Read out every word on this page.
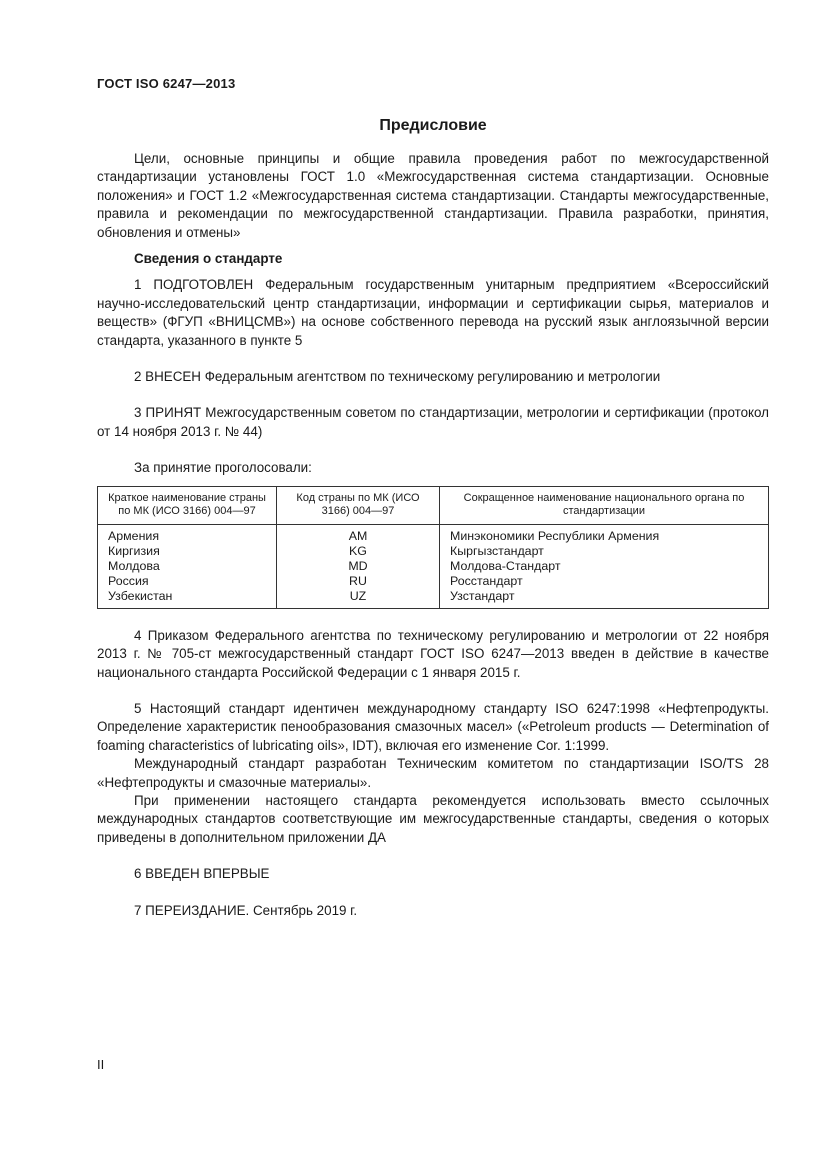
ГОСТ ISO 6247—2013
Предисловие

Цели, основные принципы и общие правила проведения работ по межгосударственной стандартизации установлены ГОСТ 1.0 «Межгосударственная система стандартизации. Основные положения» и ГОСТ 1.2 «Межгосударственная система стандартизации. Стандарты межгосударственные, правила и рекомендации по межгосударственной стандартизации. Правила разработки, принятия, обновления и отмены»

Сведения о стандарте

1 ПОДГОТОВЛЕН Федеральным государственным унитарным предприятием «Всероссийский научно-исследовательский центр стандартизации, информации и сертификации сырья, материалов и веществ» (ФГУП «ВНИЦСМВ») на основе собственного перевода на русский язык англоязычной версии стандарта, указанного в пункте 5

2 ВНЕСЕН Федеральным агентством по техническому регулированию и метрологии

3 ПРИНЯТ Межгосударственным советом по стандартизации, метрологии и сертификации (протокол от 14 ноября 2013 г. № 44)

За принятие проголосовали:

Краткое наименование страны по МК (ИСО 3166) 004—97	Код страны по МК (ИСО 3166) 004—97	Сокращенное наименование национального органа по стандартизации
Армения	AM	Минэкономики Республики Армения
Киргизия	KG	Кыргызстандарт
Молдова	MD	Молдова-Стандарт
Россия	RU	Росстандарт
Узбекистан	UZ	Узстандарт

4 Приказом Федерального агентства по техническому регулированию и метрологии от 22 ноября 2013 г. № 705-ст межгосударственный стандарт ГОСТ ISO 6247—2013 введен в действие в качестве национального стандарта Российской Федерации с 1 января 2015 г.

5 Настоящий стандарт идентичен международному стандарту ISO 6247:1998 «Нефтепродукты. Определение характеристик пенообразования смазочных масел» («Petroleum products — Determination of foaming characteristics of lubricating oils», IDT), включая его изменение Cor. 1:1999.

Международный стандарт разработан Техническим комитетом по стандартизации ISO/TS 28 «Нефтепродукты и смазочные материалы».

При применении настоящего стандарта рекомендуется использовать вместо ссылочных международных стандартов соответствующие им межгосударственные стандарты, сведения о которых приведены в дополнительном приложении ДА

6 ВВЕДЕН ВПЕРВЫЕ

7 ПЕРЕИЗДАНИЕ. Сентябрь 2019 г.

II
